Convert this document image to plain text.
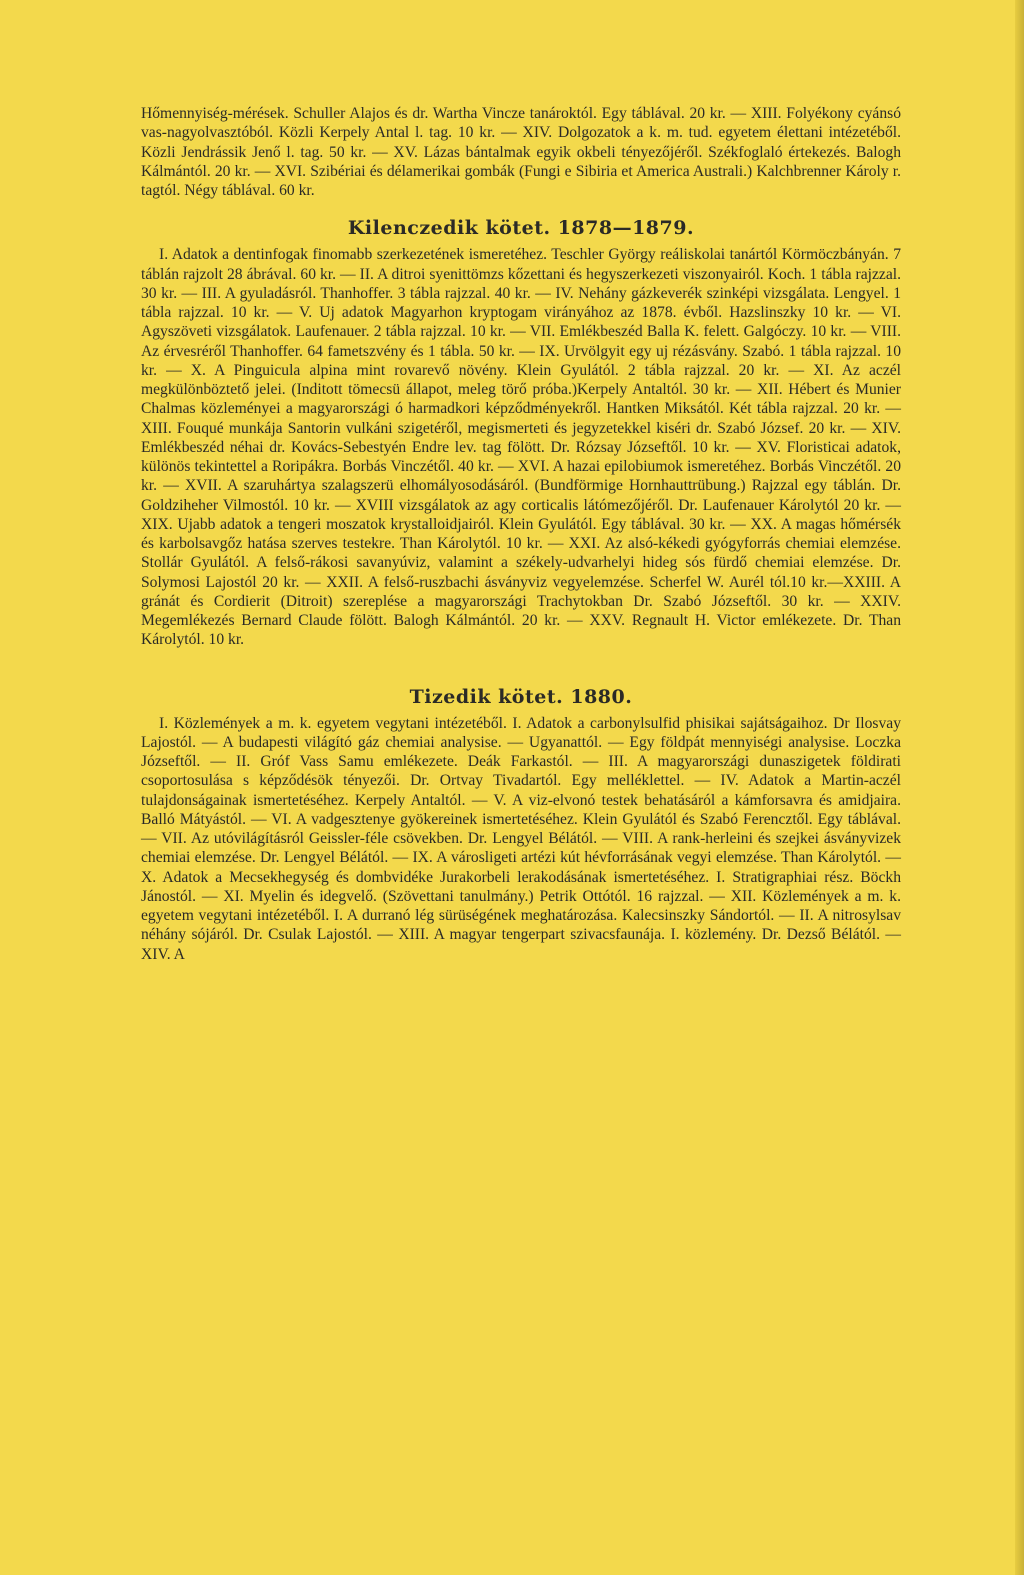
Hőmennyiség-mérések. Schuller Alajos és dr. Wartha Vincze tanároktól. Egy táblával. 20 kr. — XIII. Folyékony cyánsó vas-nagyolvasztóból. Közli Kerpely Antal l. tag. 10 kr. — XIV. Dolgozatok a k. m. tud. egyetem élettani intézetéből. Közli Jendrássik Jenő l. tag. 50 kr. — XV. Lázas bántalmak egyik okbeli tényezőjéről. Székfoglaló értekezés. Balogh Kálmántól. 20 kr. — XVI. Szibériai és délamerikai gombák (Fungi e Sibiria et America Australi.) Kalchbrenner Károly r. tagtól. Négy táblával. 60 kr.

Kilenczedik kötet. 1878—1879.

I. Adatok a dentinfogak finomabb szerkezetének ismeretéhez. Teschler György reáliskolai tanártól Körmöczbányán. 7 táblán rajzolt 28 ábrával. 60 kr. — II. A ditroi syenittömzs kőzettani és hegyszerkezeti viszonyairól. Koch. 1 tábla rajzzal. 30 kr. — III. A gyuladásról. Thanhoffer. 3 tábla rajzzal. 40 kr. — IV. Nehány gázkeverék szinképi vizsgálata. Lengyel. 1 tábla rajzzal. 10 kr. — V. Uj adatok Magyarhon kryptogam virányához az 1878. évből. Hazslinszky 10 kr. — VI. Agyszöveti vizsgálatok. Laufenauer. 2 tábla rajzzal. 10 kr. — VII. Emlékbeszéd Balla K. felett. Galgóczy. 10 kr. — VIII. Az érvesréről Thanhoffer. 64 fametszvény és 1 tábla. 50 kr. — IX. Urvölgyit egy uj rézásvány. Szabó. 1 tábla rajzzal. 10 kr. — X. A Pinguicula alpina mint rovarevő növény. Klein Gyulától. 2 tábla rajzzal. 20 kr. — XI. Az aczél megkülönböztető jelei. (Inditott tömecsü állapot, meleg törő próba.)Kerpely Antaltól. 30 kr. — XII. Hébert és Munier Chalmas közleményei a magyarországi ó harmadkori képződményekről. Hantken Miksától. Két tábla rajzzal. 20 kr. — XIII. Fouqué munkája Santorin vulkáni szigetéről, megismerteti és jegyzetekkel kiséri dr. Szabó József. 20 kr. — XIV. Emlékbeszéd néhai dr. Kovács-Sebestyén Endre lev. tag fölött. Dr. Rózsay Józseftől. 10 kr. — XV. Floristicai adatok, különös tekintettel a Roripákra. Borbás Vinczétől. 40 kr. — XVI. A hazai epilobiumok ismeretéhez. Borbás Vinczétől. 20 kr. — XVII. A szaruhártya szalagszerü elhomályosodásáról. (Bundförmige Hornhauttrübung.) Rajzzal egy táblán. Dr. Goldziheher Vilmostól. 10 kr. — XVIII vizsgálatok az agy corticalis látómezőjéről. Dr. Laufenauer Károlytól 20 kr. — XIX. Ujabb adatok a tengeri moszatok krystalloidjairól. Klein Gyulától. Egy táblával. 30 kr. — XX. A magas hőmérsék és karbolsavgőz hatása szerves testekre. Than Károlytól. 10 kr. — XXI. Az alsó-kékedi gyógyforrás chemiai elemzése. Stollár Gyulától. A felső-rákosi savanyúviz, valamint a székely-udvarhelyi hideg sós fürdő chemiai elemzése. Dr. Solymosi Lajostól 20 kr. — XXII. A felső-ruszbachi ásványviz vegyelemzése. Scherfel W. Aurél tól.10 kr.—XXIII. A gránát és Cordierit (Ditroit) szereplése a magyarországi Trachytokban Dr. Szabó Józseftől. 30 kr. — XXIV. Megemlékezés Bernard Claude fölött. Balogh Kálmántól. 20 kr. — XXV. Regnault H. Victor emlékezete. Dr. Than Károlytól. 10 kr.

Tizedik kötet. 1880.

I. Közlemények a m. k. egyetem vegytani intézetéből. I. Adatok a carbonylsulfid phisikai sajátságaihoz. Dr Ilosvay Lajostól. — A budapesti világító gáz chemiai analysise. — Ugyanattól. — Egy földpát mennyiségi analysise. Loczka Józseftől. — II. Gróf Vass Samu emlékezete. Deák Farkastól. — III. A magyarországi dunaszigetek földirati csoportosulása s képződésök tényezői. Dr. Ortvay Tivadartól. Egy melléklettel. — IV. Adatok a Martin-aczél tulajdonságainak ismertetéséhez. Kerpely Antaltól. — V. A viz-elvonó testek behatásáról a kámforsavra és amidjaira. Balló Mátyástól. — VI. A vadgesztenye gyökereinek ismertetéséhez. Klein Gyulától és Szabó Ferencztől. Egy táblával. — VII. Az utóvilágításról Geissler-féle csövekben. Dr. Lengyel Bélától. — VIII. A rank-herleini és szejkei ásványvizek chemiai elemzése. Dr. Lengyel Bélától. — IX. A városligeti artézi kút hévforrásának vegyi elemzése. Than Károlytól. — X. Adatok a Mecsekhegység és dombvidéke Jurakorbeli lerakodásának ismertetéséhez. I. Stratigraphiai rész. Böckh Jánostól. — XI. Myelin és idegvelő. (Szövettani tanulmány.) Petrik Ottótól. 16 rajzzal. — XII. Közlemények a m. k. egyetem vegytani intézetéből. I. A durranó lég sürüségének meghatározása. Kalecsinszky Sándortól. — II. A nitrosylsav néhány sójáról. Dr. Csulak Lajostól. — XIII. A magyar tengerpart szivacsfaunája. I. közlemény. Dr. Dezső Bélától. — XIV. A
